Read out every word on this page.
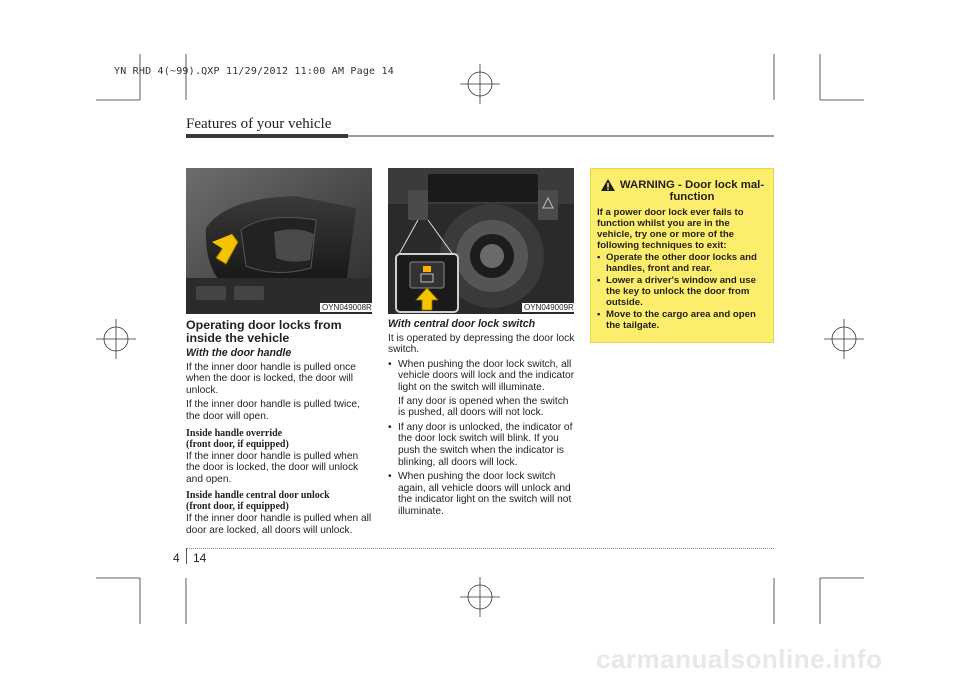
YN RHD 4(~99).QXP 11/29/2012 11:00 AM Page 14
Features of your vehicle
OYN049008R	OYN049009R
Operating door locks from inside the vehicle
With the door handle

If the inner door handle is pulled once when the door is locked, the door will unlock.

If the inner door handle is pulled twice, the door will open.

Inside handle override
(front door, if equipped)

If the inner door handle is pulled when the door is locked, the door will unlock and open.

Inside handle central door unlock
(front door, if equipped)

If the inner door handle is pulled when all door are locked, all doors will unlock.

With central door lock switch

It is operated by depressing the door lock switch.

• When pushing the door lock switch, all vehicle doors will lock and the indicator light on the switch will illuminate.
If any door is opened when the switch is pushed, all doors will not lock.
• If any door is unlocked, the indicator of the door lock switch will blink. If you push the switch when the indicator is blinking, all doors will lock.
• When pushing the door lock switch again, all vehicle doors will unlock and the indicator light on the switch will not illuminate.
WARNING - Door lock mal-
function

If a power door lock ever fails to function whilst you are in the vehicle, try one or more of the following techniques to exit:

• Operate the other door locks and handles, front and rear.
• Lower a driver's window and use the key to unlock the door from outside.
• Move to the cargo area and open the tailgate.
4 14
carmanualsonline.info
